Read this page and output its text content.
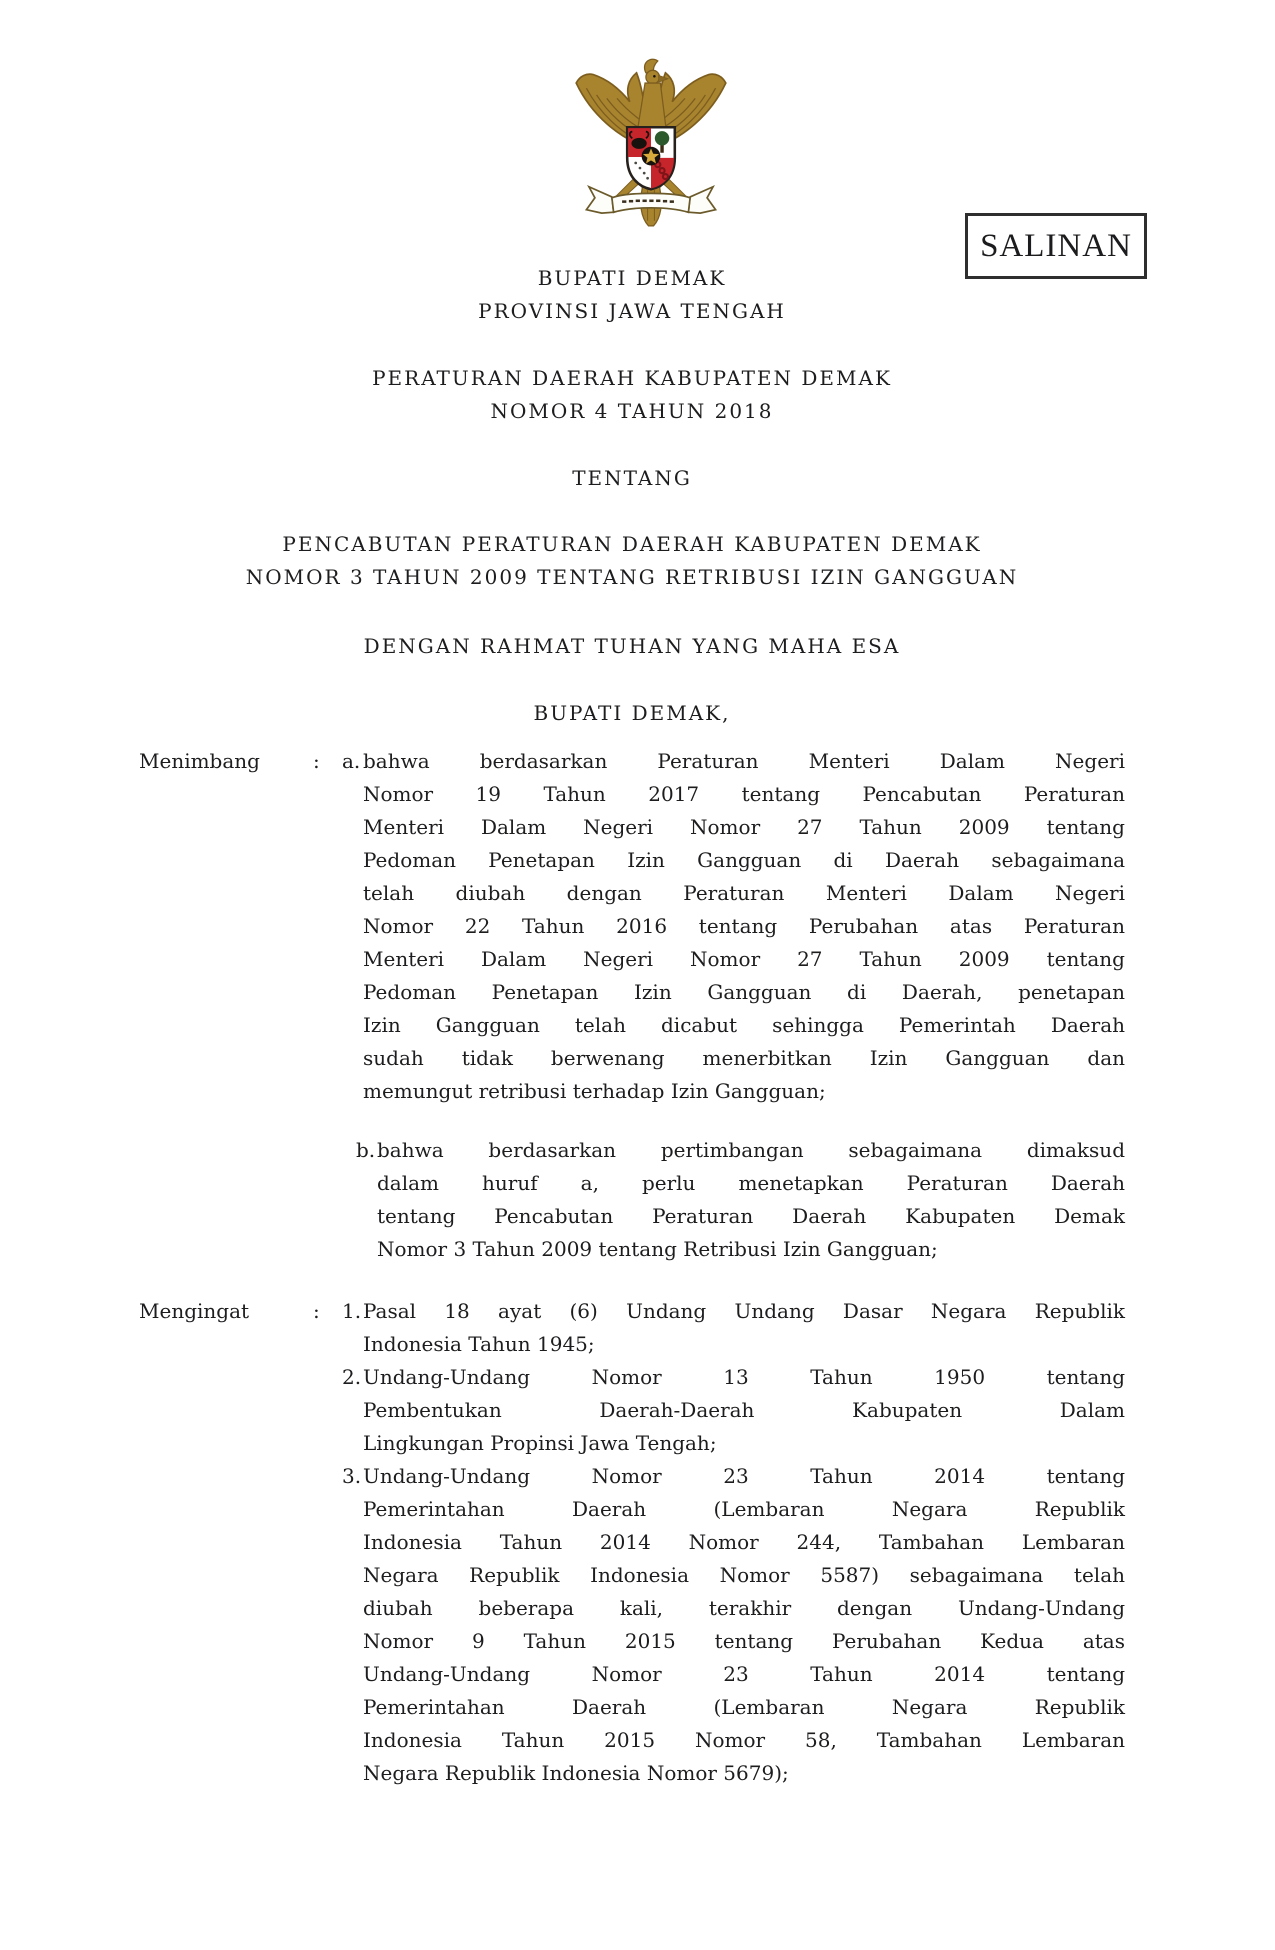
SALINAN
BUPATI DEMAK
PROVINSI JAWA TENGAH
PERATURAN DAERAH KABUPATEN DEMAK
NOMOR 4 TAHUN 2018
TENTANG
PENCABUTAN PERATURAN DAERAH KABUPATEN DEMAK
NOMOR 3 TAHUN 2009 TENTANG RETRIBUSI IZIN GANGGUAN
DENGAN RAHMAT TUHAN YANG MAHA ESA
BUPATI DEMAK,
Menimbang	:	a. bahwa berdasarkan Peraturan Menteri Dalam Negeri
Nomor 19 Tahun 2017 tentang Pencabutan Peraturan
Menteri Dalam Negeri Nomor 27 Tahun 2009 tentang
Pedoman Penetapan Izin Gangguan di Daerah sebagaimana
telah diubah dengan Peraturan Menteri Dalam Negeri
Nomor 22 Tahun 2016 tentang Perubahan atas Peraturan
Menteri Dalam Negeri Nomor 27 Tahun 2009 tentang
Pedoman Penetapan Izin Gangguan di Daerah, penetapan
Izin Gangguan telah dicabut sehingga Pemerintah Daerah
sudah tidak berwenang menerbitkan Izin Gangguan dan
memungut retribusi terhadap Izin Gangguan;
b. bahwa berdasarkan pertimbangan sebagaimana dimaksud
dalam huruf a, perlu menetapkan Peraturan Daerah
tentang Pencabutan Peraturan Daerah Kabupaten Demak
Nomor 3 Tahun 2009 tentang Retribusi Izin Gangguan;
Mengingat	:	1. Pasal 18 ayat (6) Undang Undang Dasar Negara Republik
Indonesia Tahun 1945;
2. Undang-Undang Nomor 13 Tahun 1950 tentang
Pembentukan Daerah-Daerah Kabupaten Dalam
Lingkungan Propinsi Jawa Tengah;
3. Undang-Undang Nomor 23 Tahun 2014 tentang
Pemerintahan Daerah (Lembaran Negara Republik
Indonesia Tahun 2014 Nomor 244, Tambahan Lembaran
Negara Republik Indonesia Nomor 5587) sebagaimana telah
diubah beberapa kali, terakhir dengan Undang-Undang
Nomor 9 Tahun 2015 tentang Perubahan Kedua atas
Undang-Undang Nomor 23 Tahun 2014 tentang
Pemerintahan Daerah (Lembaran Negara Republik
Indonesia Tahun 2015 Nomor 58, Tambahan Lembaran
Negara Republik Indonesia Nomor 5679);
